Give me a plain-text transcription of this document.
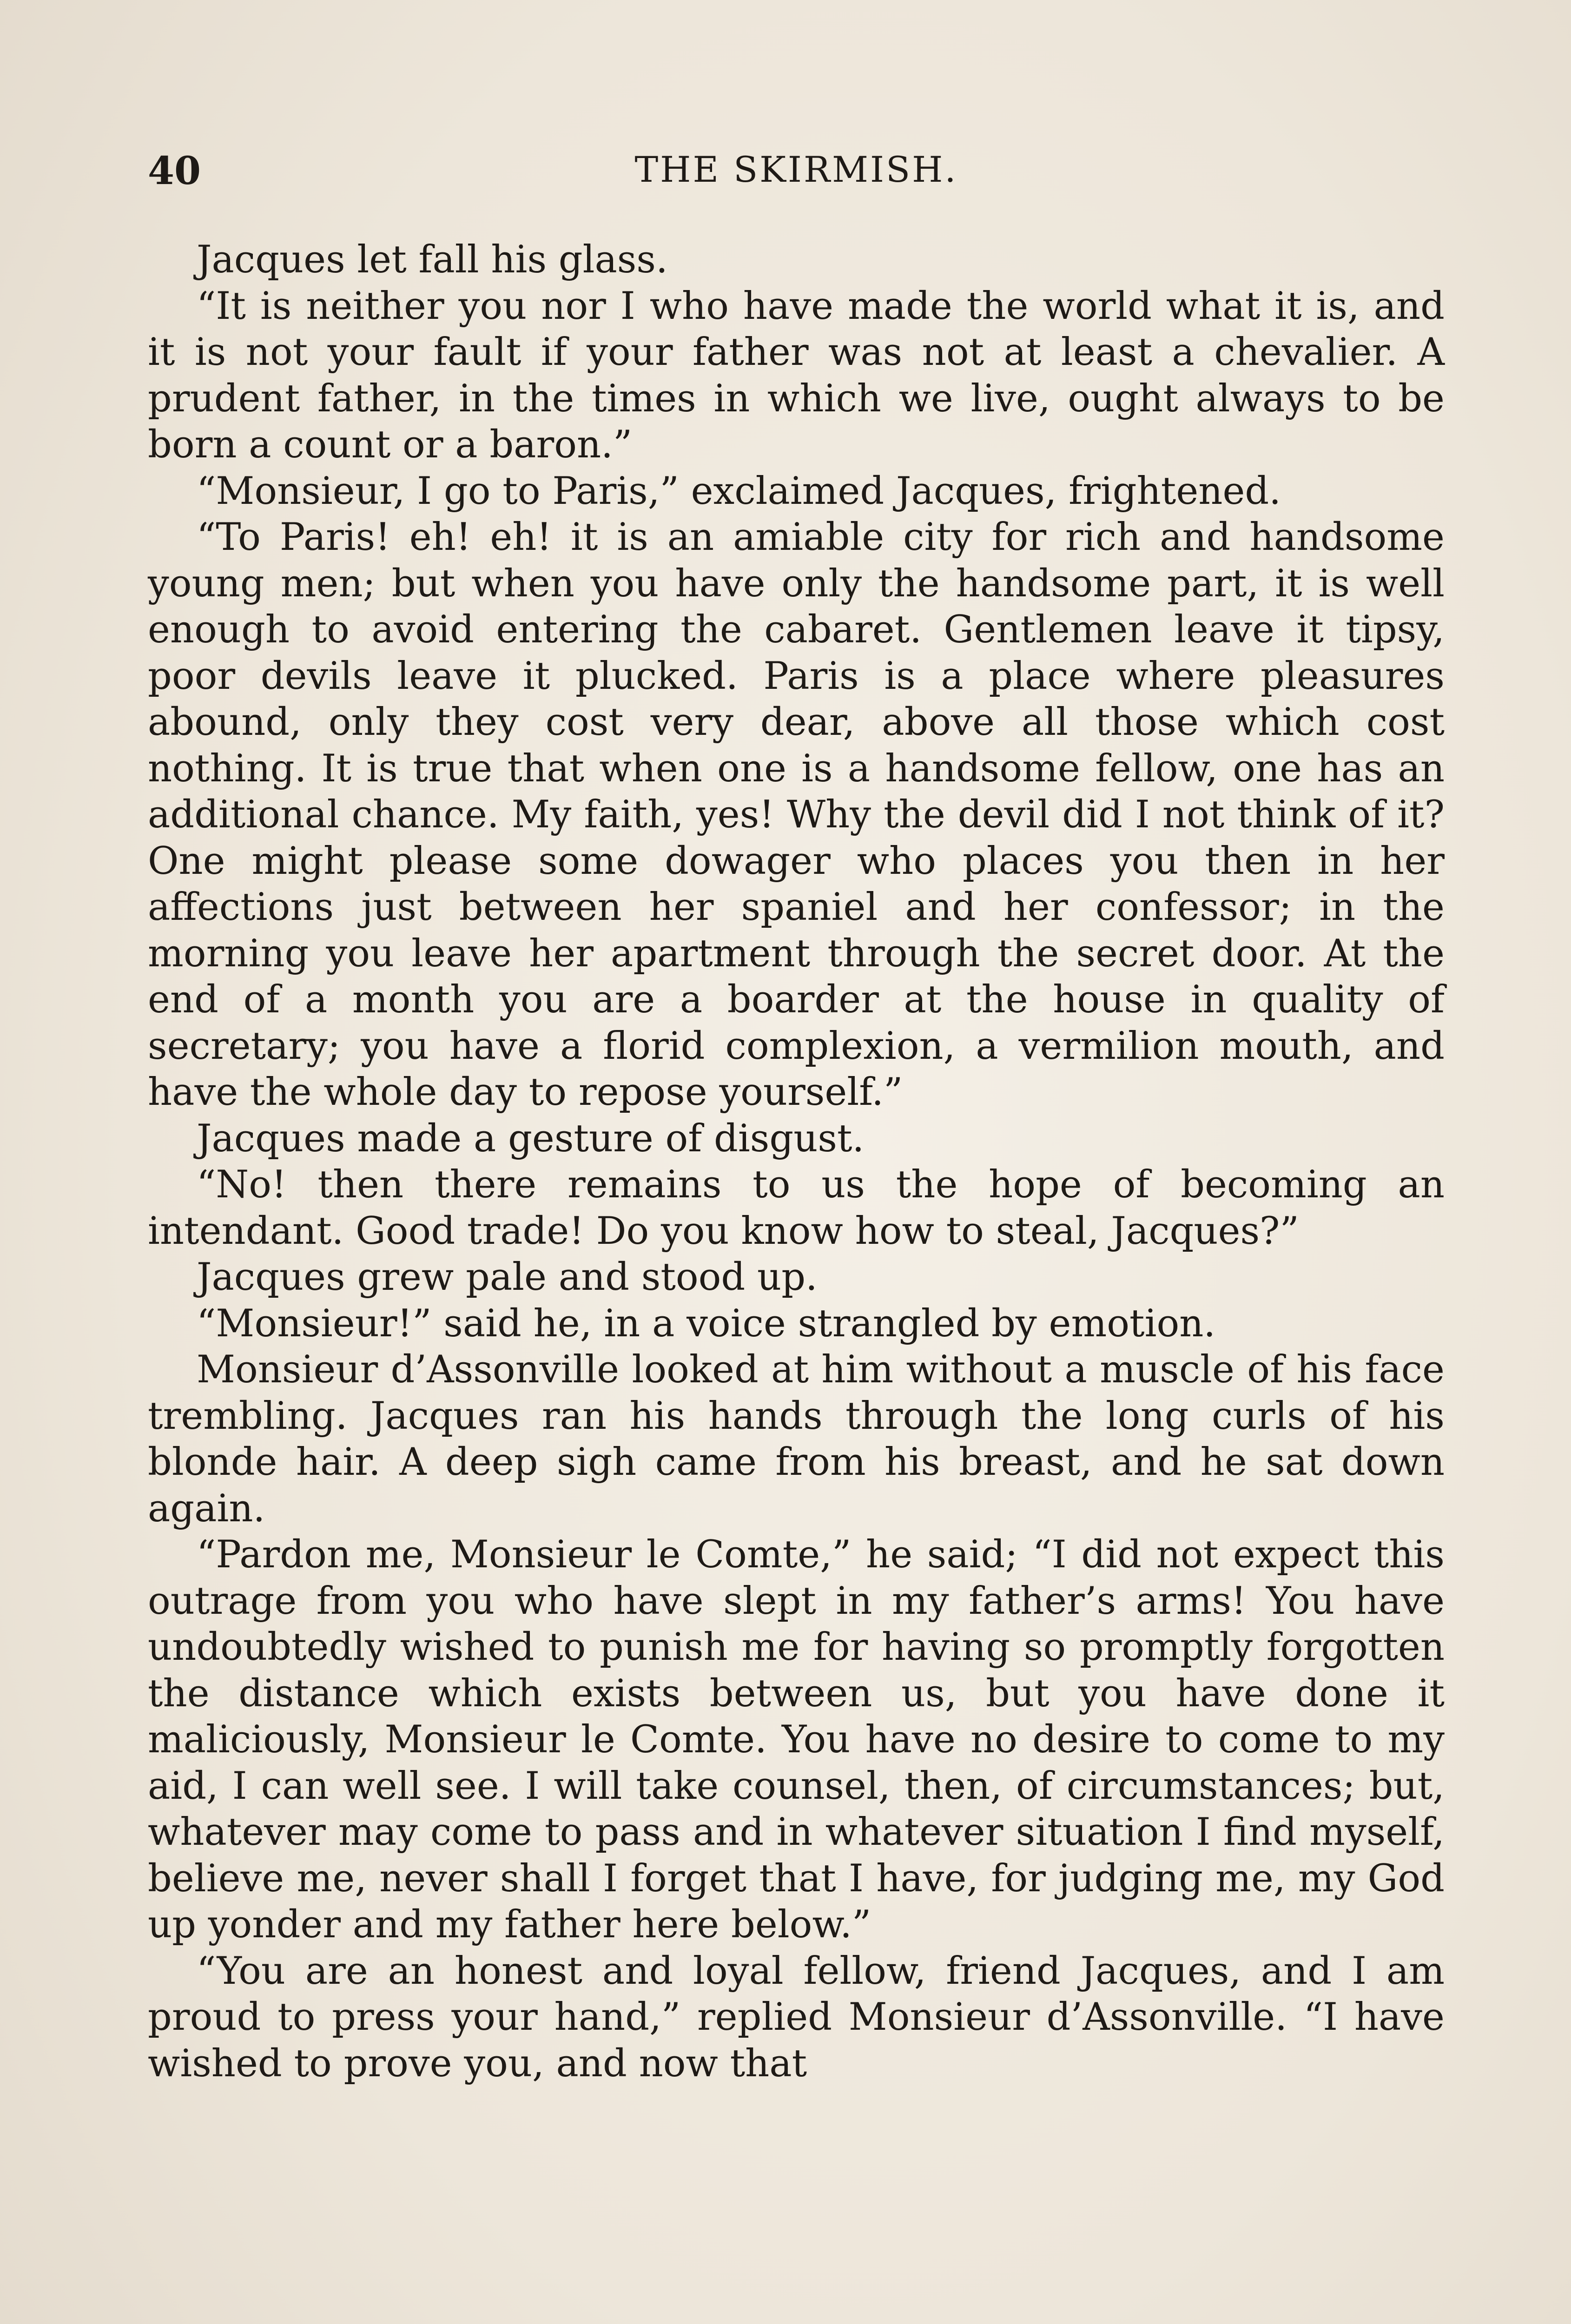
40	THE SKIRMISH.

Jacques let fall his glass.

“It is neither you nor I who have made the world what it is, and it is not your fault if your father was not at least a chevalier. A prudent father, in the times in which we live, ought always to be born a count or a baron.”

“Monsieur, I go to Paris,” exclaimed Jacques, frightened.

“To Paris! eh! eh! it is an amiable city for rich and handsome young men; but when you have only the handsome part, it is well enough to avoid entering the cabaret. Gentlemen leave it tipsy, poor devils leave it plucked. Paris is a place where pleasures abound, only they cost very dear, above all those which cost nothing. It is true that when one is a handsome fellow, one has an additional chance. My faith, yes! Why the devil did I not think of it? One might please some dowager who places you then in her affections just between her spaniel and her confessor; in the morning you leave her apartment through the secret door. At the end of a month you are a boarder at the house in quality of secretary; you have a florid complexion, a vermilion mouth, and have the whole day to repose yourself.”

Jacques made a gesture of disgust.

“No! then there remains to us the hope of becoming an intendant. Good trade! Do you know how to steal, Jacques?”

Jacques grew pale and stood up.

“Monsieur!” said he, in a voice strangled by emotion.

Monsieur d’Assonville looked at him without a muscle of his face trembling. Jacques ran his hands through the long curls of his blonde hair. A deep sigh came from his breast, and he sat down again.

“Pardon me, Monsieur le Comte,” he said; “I did not expect this outrage from you who have slept in my father’s arms! You have undoubtedly wished to punish me for having so promptly forgotten the distance which exists between us, but you have done it maliciously, Monsieur le Comte. You have no desire to come to my aid, I can well see. I will take counsel, then, of circumstances; but, whatever may come to pass and in whatever situation I find myself, believe me, never shall I forget that I have, for judging me, my God up yonder and my father here below.”

“You are an honest and loyal fellow, friend Jacques, and I am proud to press your hand,” replied Monsieur d’Assonville. “I have wished to prove you, and now that
